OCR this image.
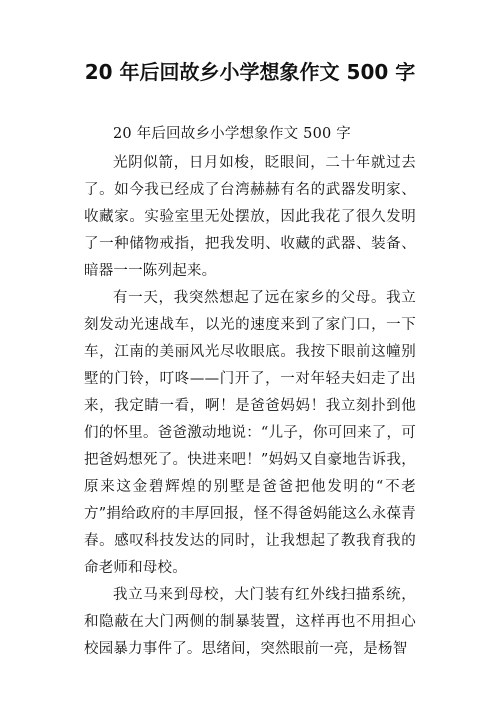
20 年后回故乡小学想象作文 500 字

20 年后回故乡小学想象作文 500 字

光阴似箭，日月如梭，眨眼间，二十年就过去了。如今我已经成了台湾赫赫有名的武器发明家、收藏家。实验室里无处摆放，因此我花了很久发明了一种储物戒指，把我发明、收藏的武器、装备、暗器一一陈列起来。

有一天，我突然想起了远在家乡的父母。我立刻发动光速战车，以光的速度来到了家门口，一下车，江南的美丽风光尽收眼底。我按下眼前这幢别墅的门铃，叮咚——门开了，一对年轻夫妇走了出来，我定睛一看，啊！是爸爸妈妈！我立刻扑到他们的怀里。爸爸激动地说：“儿子，你可回来了，可把爸妈想死了。快进来吧！”妈妈又自豪地告诉我，原来这金碧辉煌的别墅是爸爸把他发明的“不老方”捐给政府的丰厚回报，怪不得爸妈能这么永葆青春。感叹科技发达的同时，让我想起了教我育我的命老师和母校。

我立马来到母校，大门装有红外线扫描系统，和隐蔽在大门两侧的制暴装置，这样再也不用担心校园暴力事件了。思绪间，突然眼前一亮，是杨智
